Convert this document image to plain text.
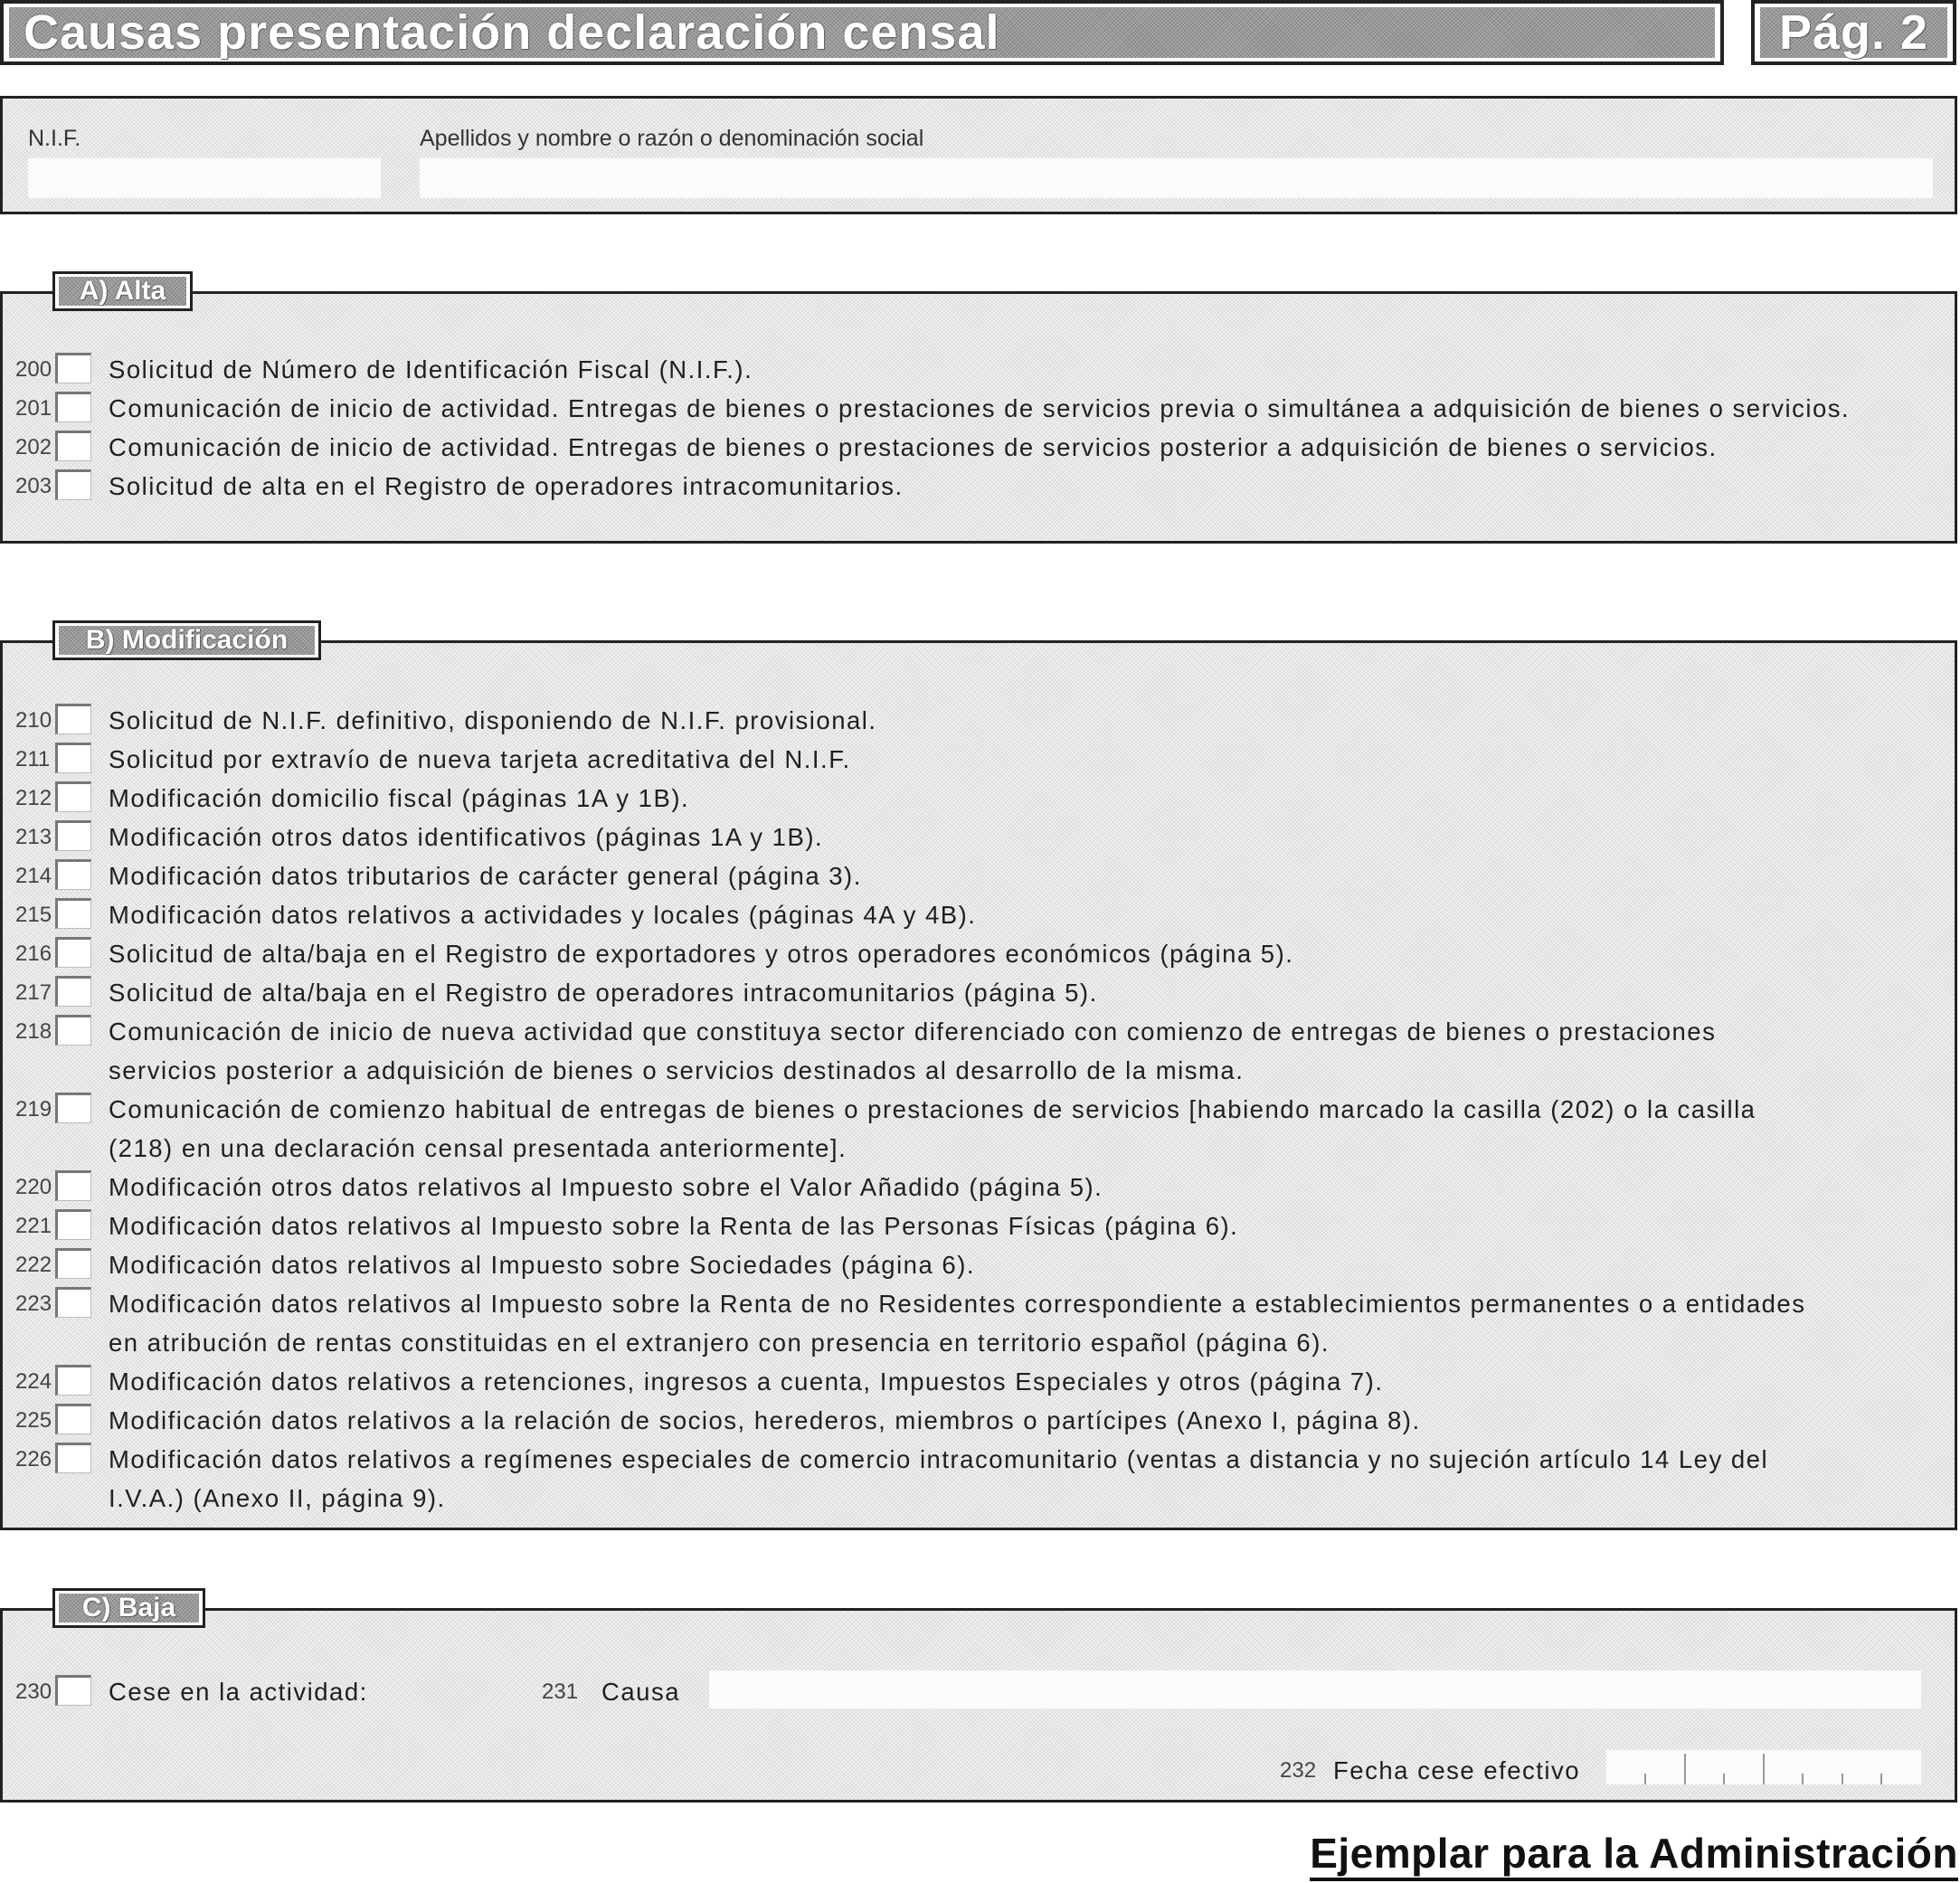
Causas presentación declaración censal	Pág. 2
N.I.F.	Apellidos y nombre o razón o denominación social
200 Solicitud de Número de Identificación Fiscal (N.I.F.).
201 Comunicación de inicio de actividad. Entregas de bienes o prestaciones de servicios previa o simultánea a adquisición de bienes o servicios.
202 Comunicación de inicio de actividad. Entregas de bienes o prestaciones de servicios posterior a adquisición de bienes o servicios.
203 Solicitud de alta en el Registro de operadores intracomunitarios.
A) Alta
210 Solicitud de N.I.F. definitivo, disponiendo de N.I.F. provisional.
211 Solicitud por extravío de nueva tarjeta acreditativa del N.I.F.
212 Modificación domicilio fiscal (páginas 1A y 1B).
213 Modificación otros datos identificativos (páginas 1A y 1B).
214 Modificación datos tributarios de carácter general (página 3).
215 Modificación datos relativos a actividades y locales (páginas 4A y 4B).
216 Solicitud de alta/baja en el Registro de exportadores y otros operadores económicos (página 5).
217 Solicitud de alta/baja en el Registro de operadores intracomunitarios (página 5).
218 Comunicación de inicio de nueva actividad que constituya sector diferenciado con comienzo de entregas de bienes o prestaciones
servicios posterior a adquisición de bienes o servicios destinados al desarrollo de la misma.
219 Comunicación de comienzo habitual de entregas de bienes o prestaciones de servicios [habiendo marcado la casilla (202) o la casilla
(218) en una declaración censal presentada anteriormente].
220 Modificación otros datos relativos al Impuesto sobre el Valor Añadido (página 5).
221 Modificación datos relativos al Impuesto sobre la Renta de las Personas Físicas (página 6).
222 Modificación datos relativos al Impuesto sobre Sociedades (página 6).
223 Modificación datos relativos al Impuesto sobre la Renta de no Residentes correspondiente a establecimientos permanentes o a entidades
en atribución de rentas constituidas en el extranjero con presencia en territorio español (página 6).
224 Modificación datos relativos a retenciones, ingresos a cuenta, Impuestos Especiales y otros (página 7).
225 Modificación datos relativos a la relación de socios, herederos, miembros o partícipes (Anexo I, página 8).
226 Modificación datos relativos a regímenes especiales de comercio intracomunitario (ventas a distancia y no sujeción artículo 14 Ley del
I.V.A.) (Anexo II, página 9).
B) Modificación
230 Cese en la actividad:	231 Causa
232 Fecha cese efectivo
C) Baja
Ejemplar para la Administración
